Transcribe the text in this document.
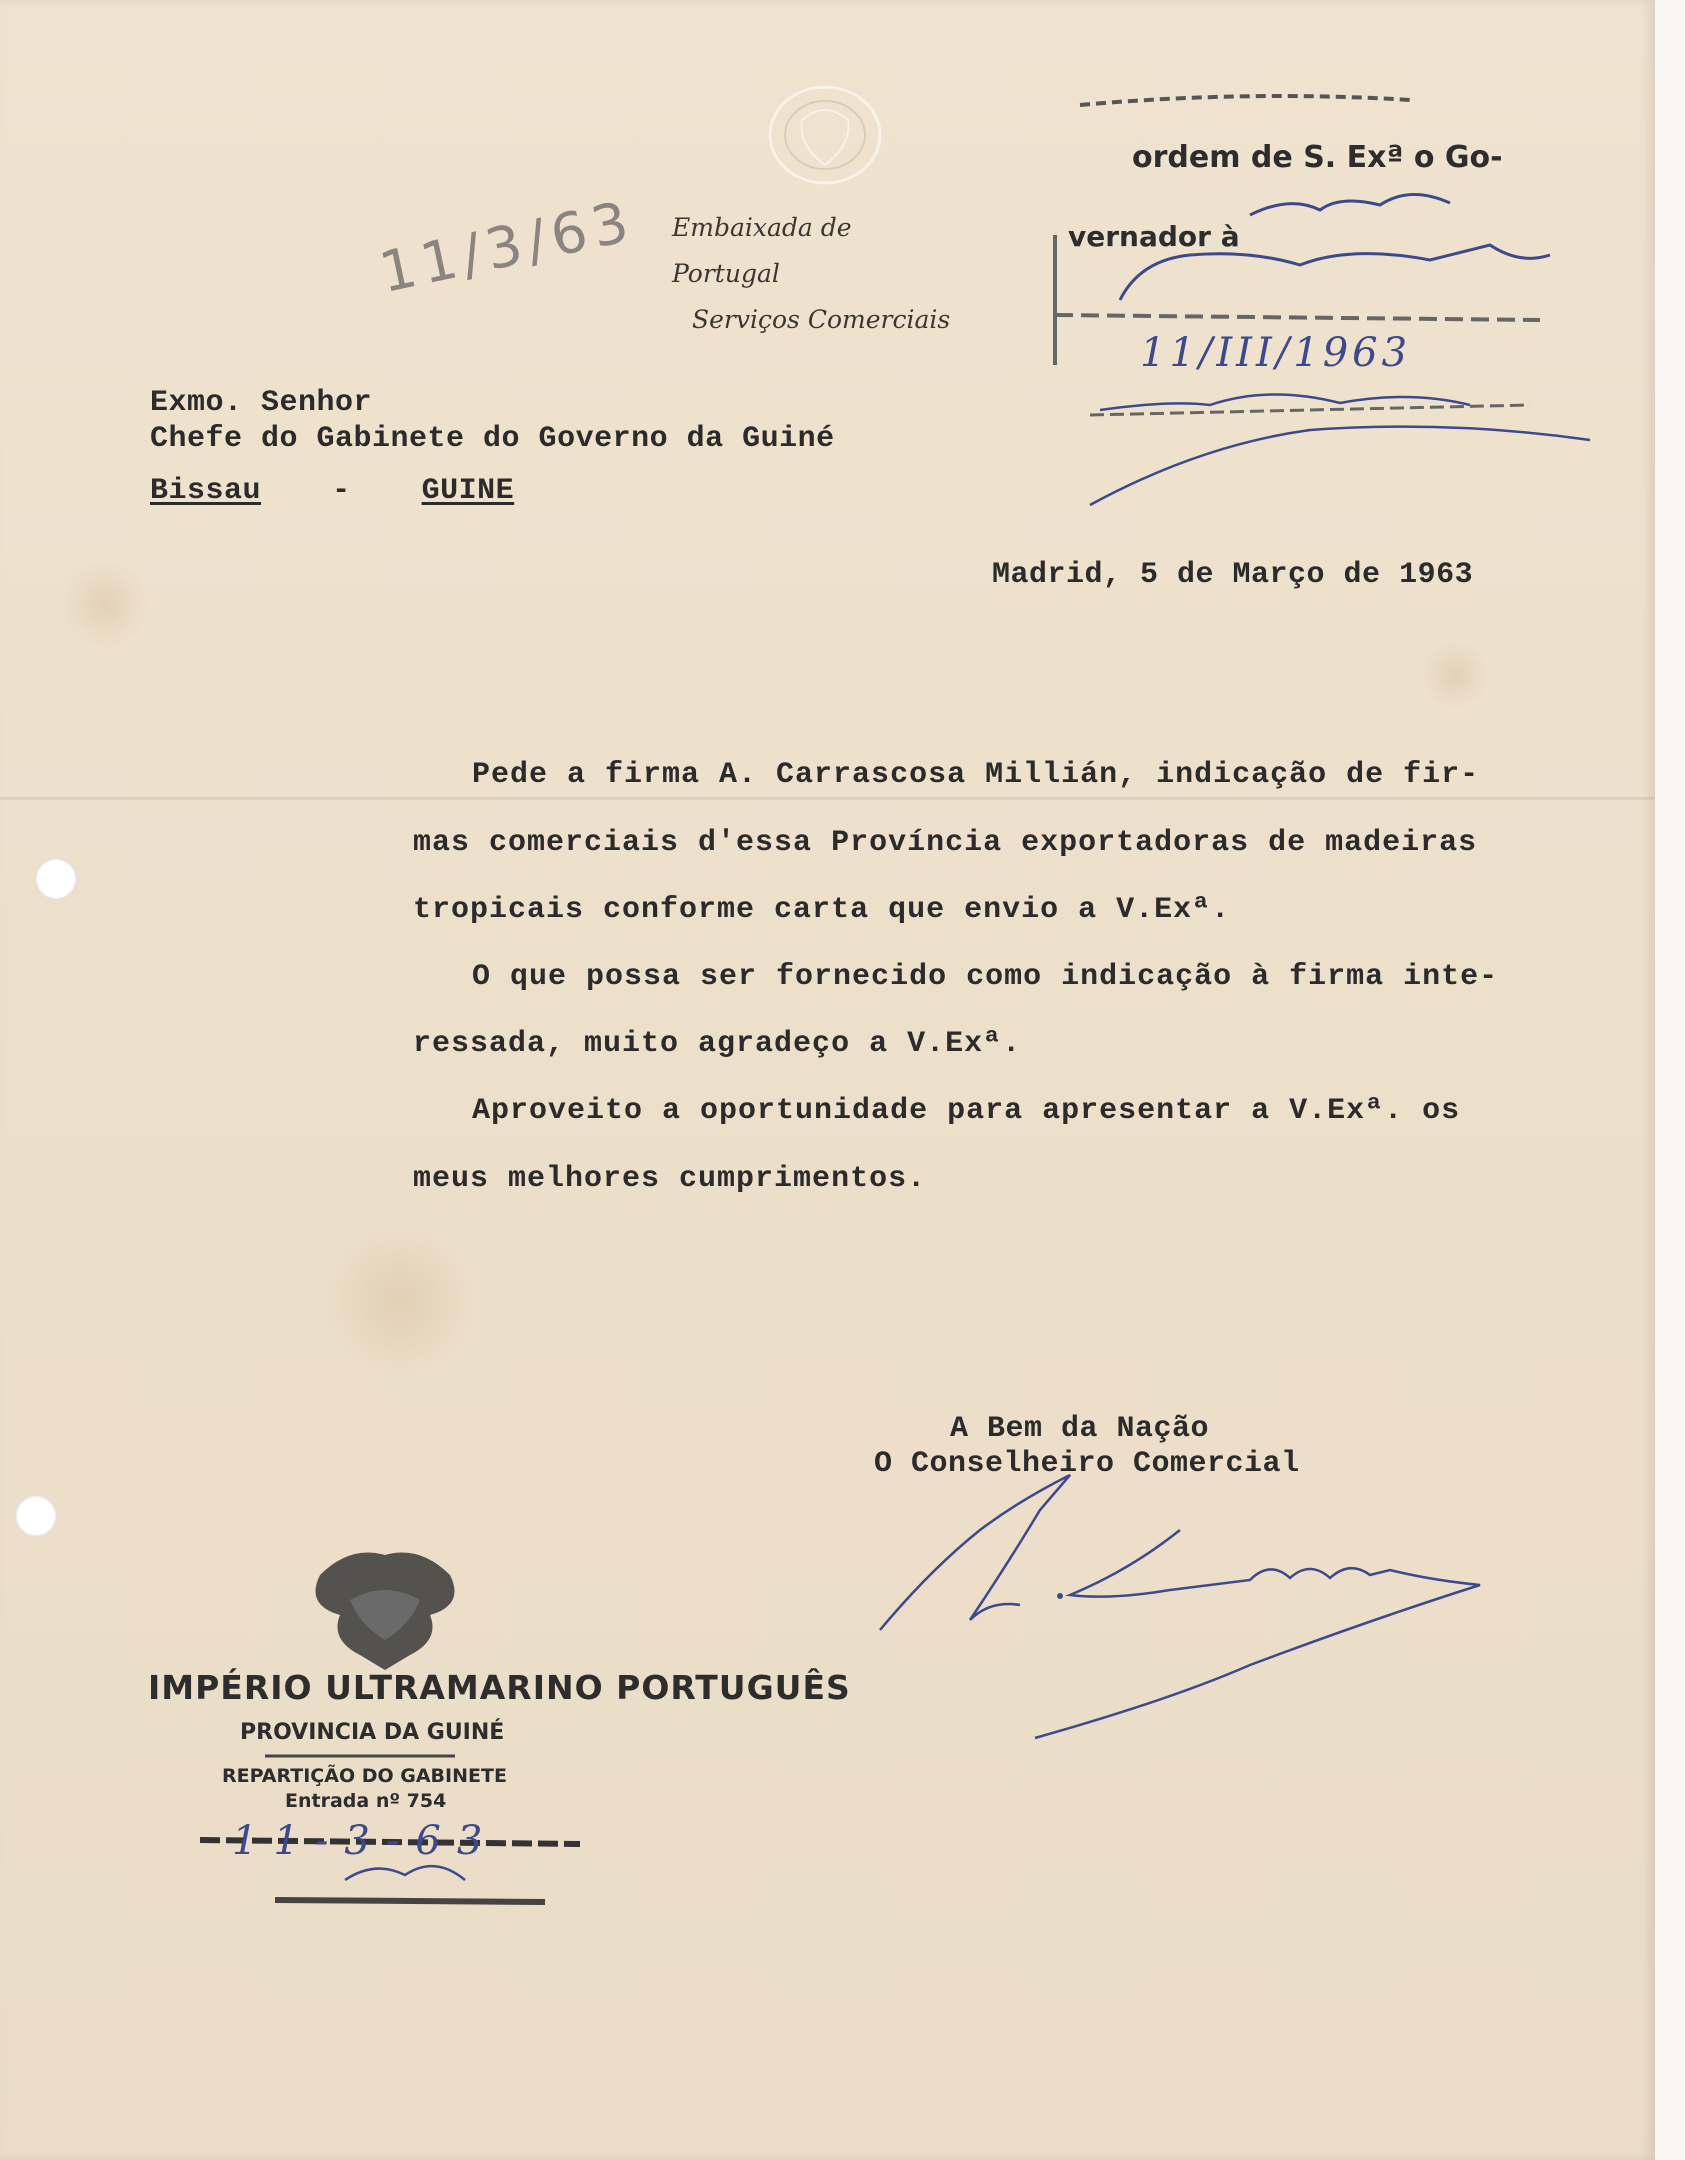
Embaixada de Portugal
Serviços Comerciais
11/3/63
Exmo. Senhor
Chefe do Gabinete do Governo da Guiné
Bissau - GUINE
Madrid, 5 de Março de 1963
Pede a firma A. Carrascosa Millián, indicação de fir-
mas comerciais d'essa Província exportadoras de madeiras
tropicais conforme carta que envio a V.Exª.
O que possa ser fornecido como indicação à firma inte-
ressada, muito agradeço a V.Exª.
Aproveito a oportunidade para apresentar a V.Exª. os
meus melhores cumprimentos.
A Bem da Nação
O Conselheiro Comercial
ordem de S. Exª o Go-
vernador à
11/III/1963
IMPÉRIO ULTRAMARINO PORTUGUÊS
PROVINCIA DA GUINÉ
REPARTIÇÃO DO GABINETE
Entrada nº 754
11-3-63
